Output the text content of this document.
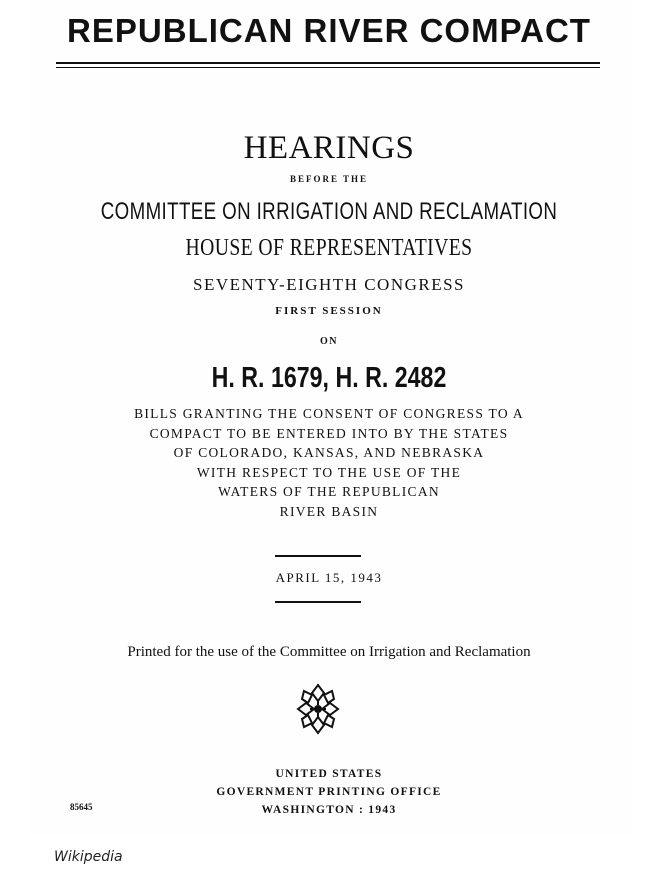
REPUBLICAN RIVER COMPACT
HEARINGS
BEFORE THE
COMMITTEE ON IRRIGATION AND RECLAMATION
HOUSE OF REPRESENTATIVES
SEVENTY-EIGHTH CONGRESS
FIRST SESSION
ON
H. R. 1679, H. R. 2482
BILLS GRANTING THE CONSENT OF CONGRESS TO A
COMPACT TO BE ENTERED INTO BY THE STATES
OF COLORADO, KANSAS, AND NEBRASKA
WITH RESPECT TO THE USE OF THE
WATERS OF THE REPUBLICAN
RIVER BASIN
APRIL 15, 1943
Printed for the use of the Committee on Irrigation and Reclamation
UNITED STATES
GOVERNMENT PRINTING OFFICE
WASHINGTON : 1943

85645

Wikipedia
